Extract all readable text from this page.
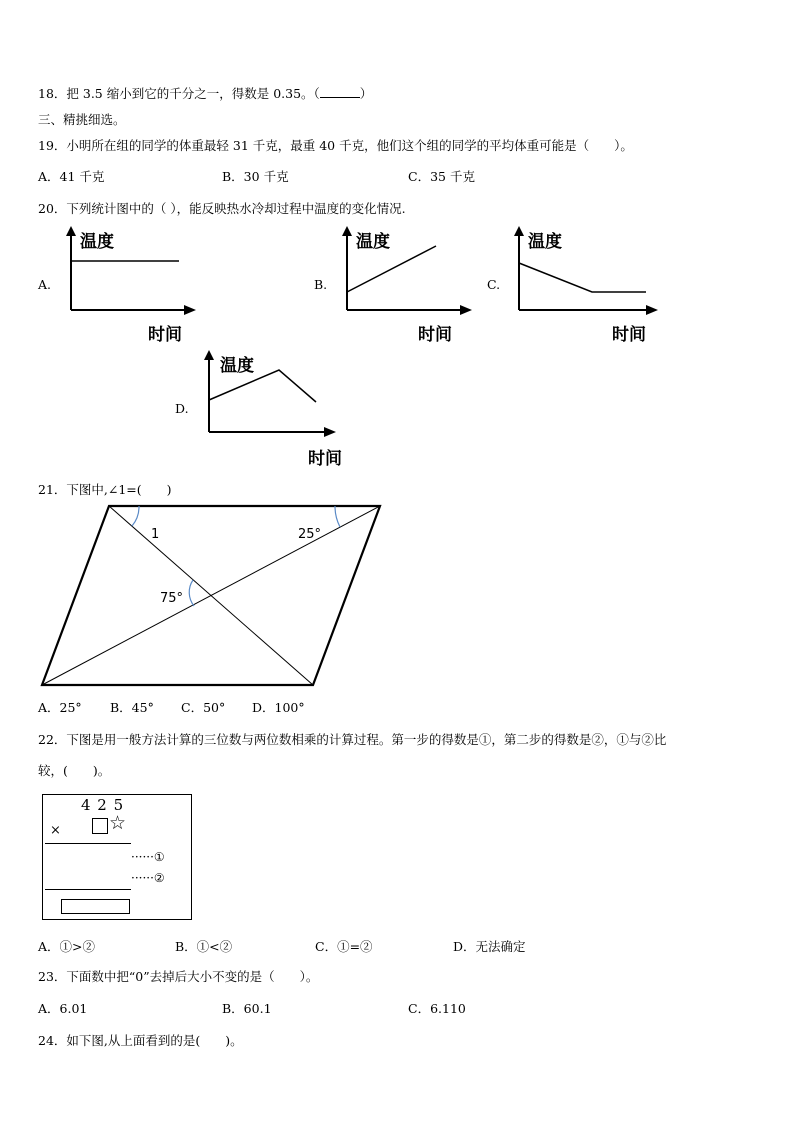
18．把 3.5 缩小到它的千分之一，得数是 0.35。（	）
三、精挑细选。
19．小明所在组的同学的体重最轻 31 千克，最重 40 千克，他们这个组的同学的平均体重可能是（　　）。
A．41 千克	B．30 千克	C．35 千克
20．下列统计图中的（ ），能反映热水冷却过程中温度的变化情况.
A.	B.	C.
D.
温度
时间
温度
时间
温度
时间
温度
时间
21．下图中,∠1=(　　)
1	25°
75°
A．25° B．45° C．50° D．100°
22．下图是用一般方法计算的三位数与两位数相乘的计算过程。第一步的得数是①，第二步的得数是②，①与②比
较，(　　)。
4 2 5
×	☆
······①
······②
A．①>②	B．①<②	C．①=②	D．无法确定
23．下面数中把“0”去掉后大小不变的是（　　）。
A．6.01	B．60.1	C．6.110
24．如下图,从上面看到的是(　　)。
